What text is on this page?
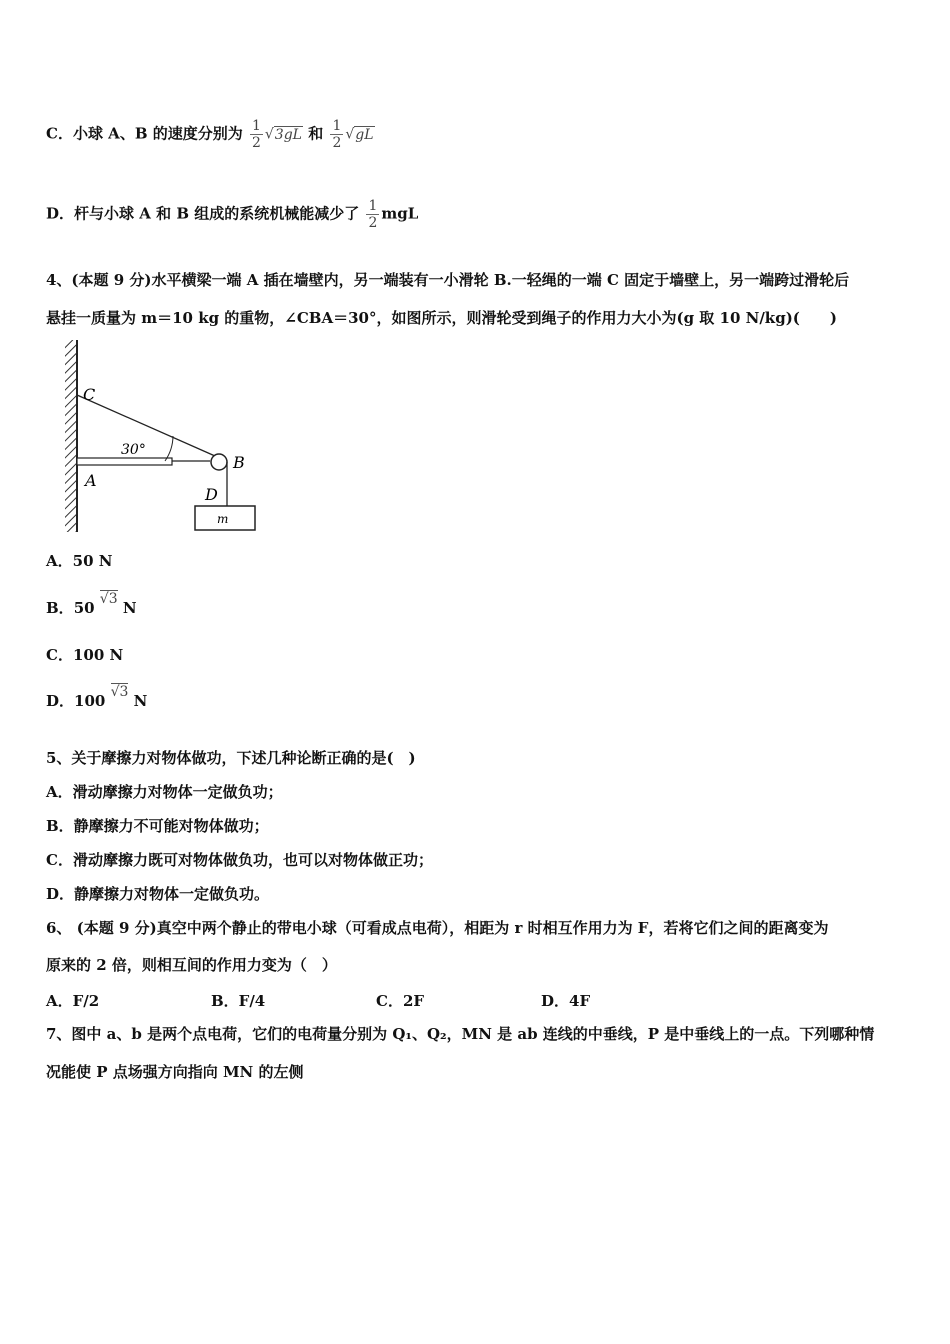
C．小球 A、B 的速度分别为 $\frac{1}{2} √3gL$ 和 $\frac{1}{2} √gL$
D．杆与小球 A 和 B 组成的系统机械能减少了 $\frac{1}{2}$ mgL
4、(本题 9 分)水平横梁一端 A 插在墙壁内，另一端装有一小滑轮 B.一轻绳的一端 C 固定于墙壁上，另一端跨过滑轮后
悬挂一质量为 m＝10 kg 的重物，∠CBA＝30°，如图所示，则滑轮受到绳子的作用力大小为(g 取 10 N/kg)(　　)
C
A
B
D
30°
m
A．50 N
B．50 √3 N
C．100 N
D．100 √3 N
5、关于摩擦力对物体做功，下述几种论断正确的是(　)
A．滑动摩擦力对物体一定做负功；
B．静摩擦力不可能对物体做功；
C．滑动摩擦力既可对物体做负功，也可以对物体做正功；
D．静摩擦力对物体一定做负功。
6、 (本题 9 分)真空中两个静止的带电小球（可看成点电荷），相距为 r 时相互作用力为 F，若将它们之间的距离变为
原来的 2 倍，则相互间的作用力变为（　）
A．F/2	B．F/4	C．2F	D．4F
7、图中 a、b 是两个点电荷，它们的电荷量分别为 Q₁、Q₂，MN 是 ab 连线的中垂线，P 是中垂线上的一点。下列哪种情
况能使 P 点场强方向指向 MN 的左侧
